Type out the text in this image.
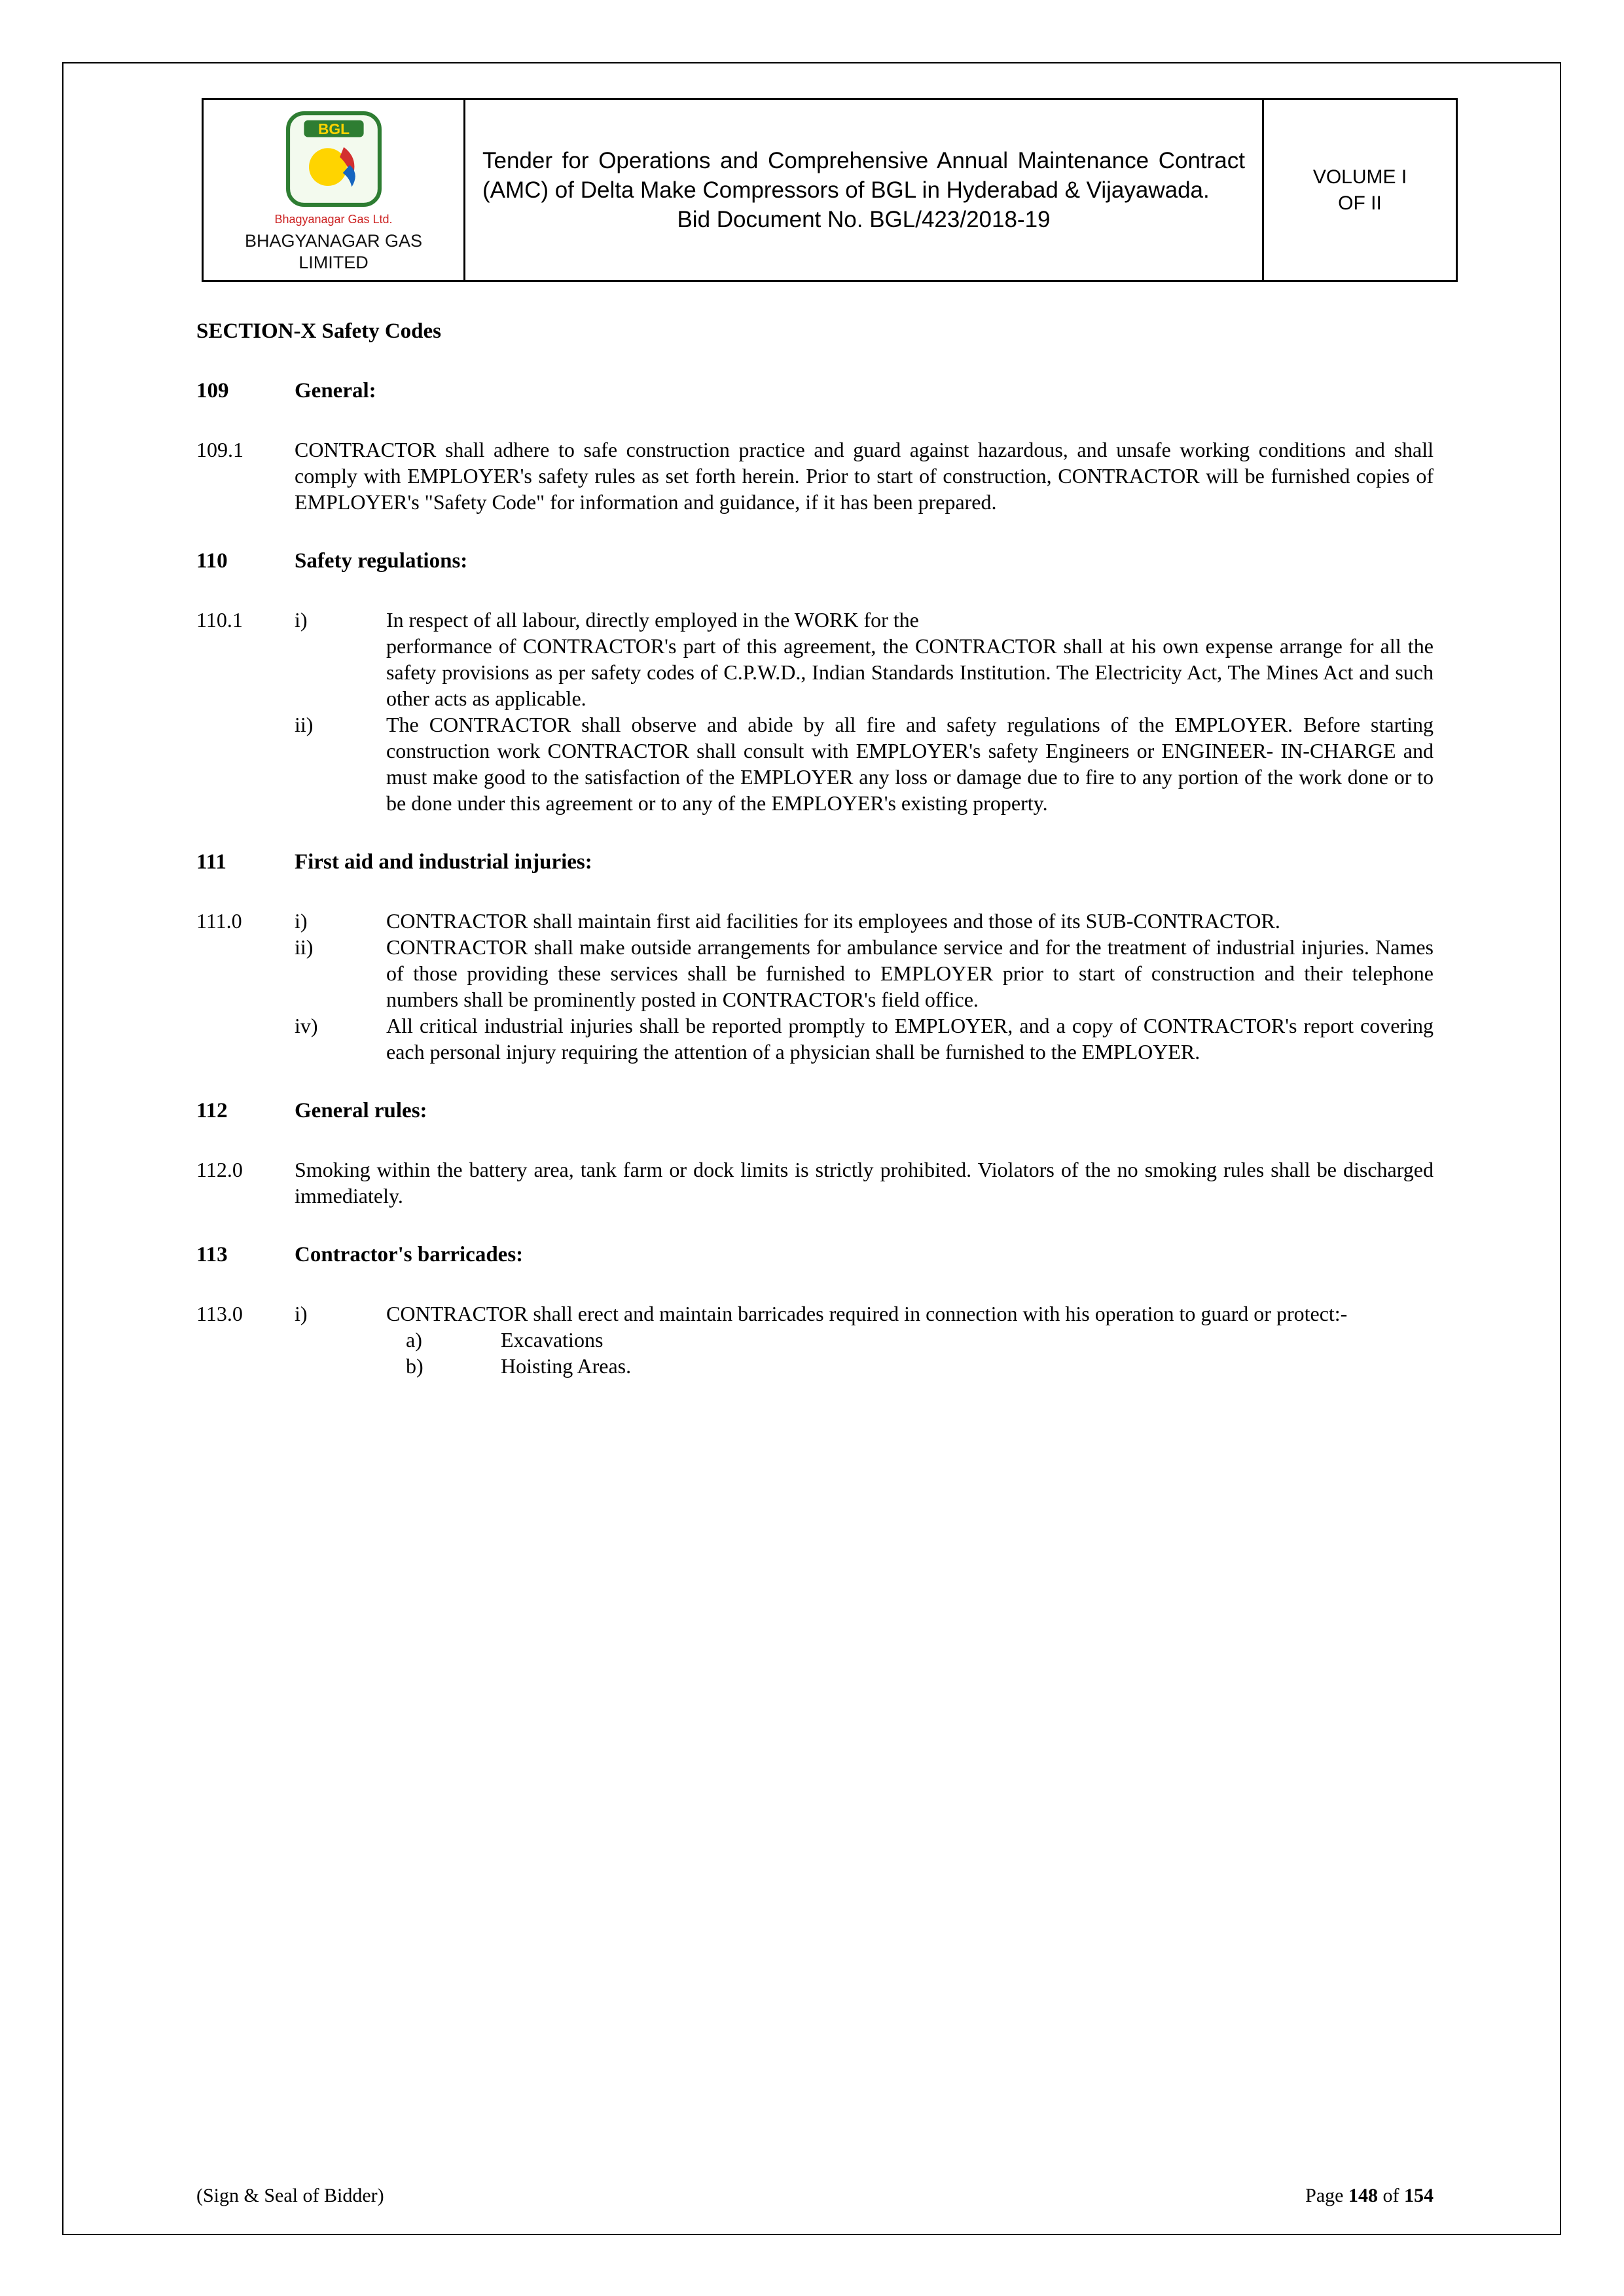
BGL
Bhagyanagar Gas Ltd.
BHAGYANAGAR GAS LIMITED

Tender for Operations and Comprehensive Annual Maintenance Contract (AMC) of Delta Make Compressors of BGL in Hyderabad & Vijayawada.
Bid Document No. BGL/423/2018-19

VOLUME I
OF II
SECTION-X Safety Codes
109	General:
109.1	CONTRACTOR shall adhere to safe construction practice and guard against hazardous, and unsafe working conditions and shall comply with EMPLOYER's safety rules as set forth herein. Prior to start of construction, CONTRACTOR will be furnished copies of EMPLOYER's "Safety Code" for information and guidance, if it has been prepared.
110	Safety regulations:
110.1	i)	In respect of all labour, directly employed in the WORK for the
performance of CONTRACTOR's part of this agreement, the CONTRACTOR shall at his own expense arrange for all the safety provisions as per safety codes of C.P.W.D., Indian Standards Institution. The Electricity Act, The Mines Act and such other acts as applicable.
ii)	The CONTRACTOR shall observe and abide by all fire and safety regulations of the EMPLOYER. Before starting construction work CONTRACTOR shall consult with EMPLOYER's safety Engineers or ENGINEER- IN-CHARGE and must make good to the satisfaction of the EMPLOYER any loss or damage due to fire to any portion of the work done or to be done under this agreement or to any of the EMPLOYER's existing property.
111	First aid and industrial injuries:
111.0	i)	CONTRACTOR shall maintain first aid facilities for its employees and those of its SUB-CONTRACTOR.
ii)	CONTRACTOR shall make outside arrangements for ambulance service and for the treatment of industrial injuries. Names of those providing these services shall be furnished to EMPLOYER prior to start of construction and their telephone numbers shall be prominently posted in CONTRACTOR's field office.
iv)	All critical industrial injuries shall be reported promptly to EMPLOYER, and a copy of CONTRACTOR's report covering each personal injury requiring the attention of a physician shall be furnished to the EMPLOYER.
112	General rules:
112.0	Smoking within the battery area, tank farm or dock limits is strictly prohibited. Violators of the no smoking rules shall be discharged immediately.
113	Contractor's barricades:
113.0	i)	CONTRACTOR shall erect and maintain barricades required in connection with his operation to guard or protect:-
a)	Excavations
b)	Hoisting Areas.
(Sign & Seal of Bidder)	Page 148 of 154
